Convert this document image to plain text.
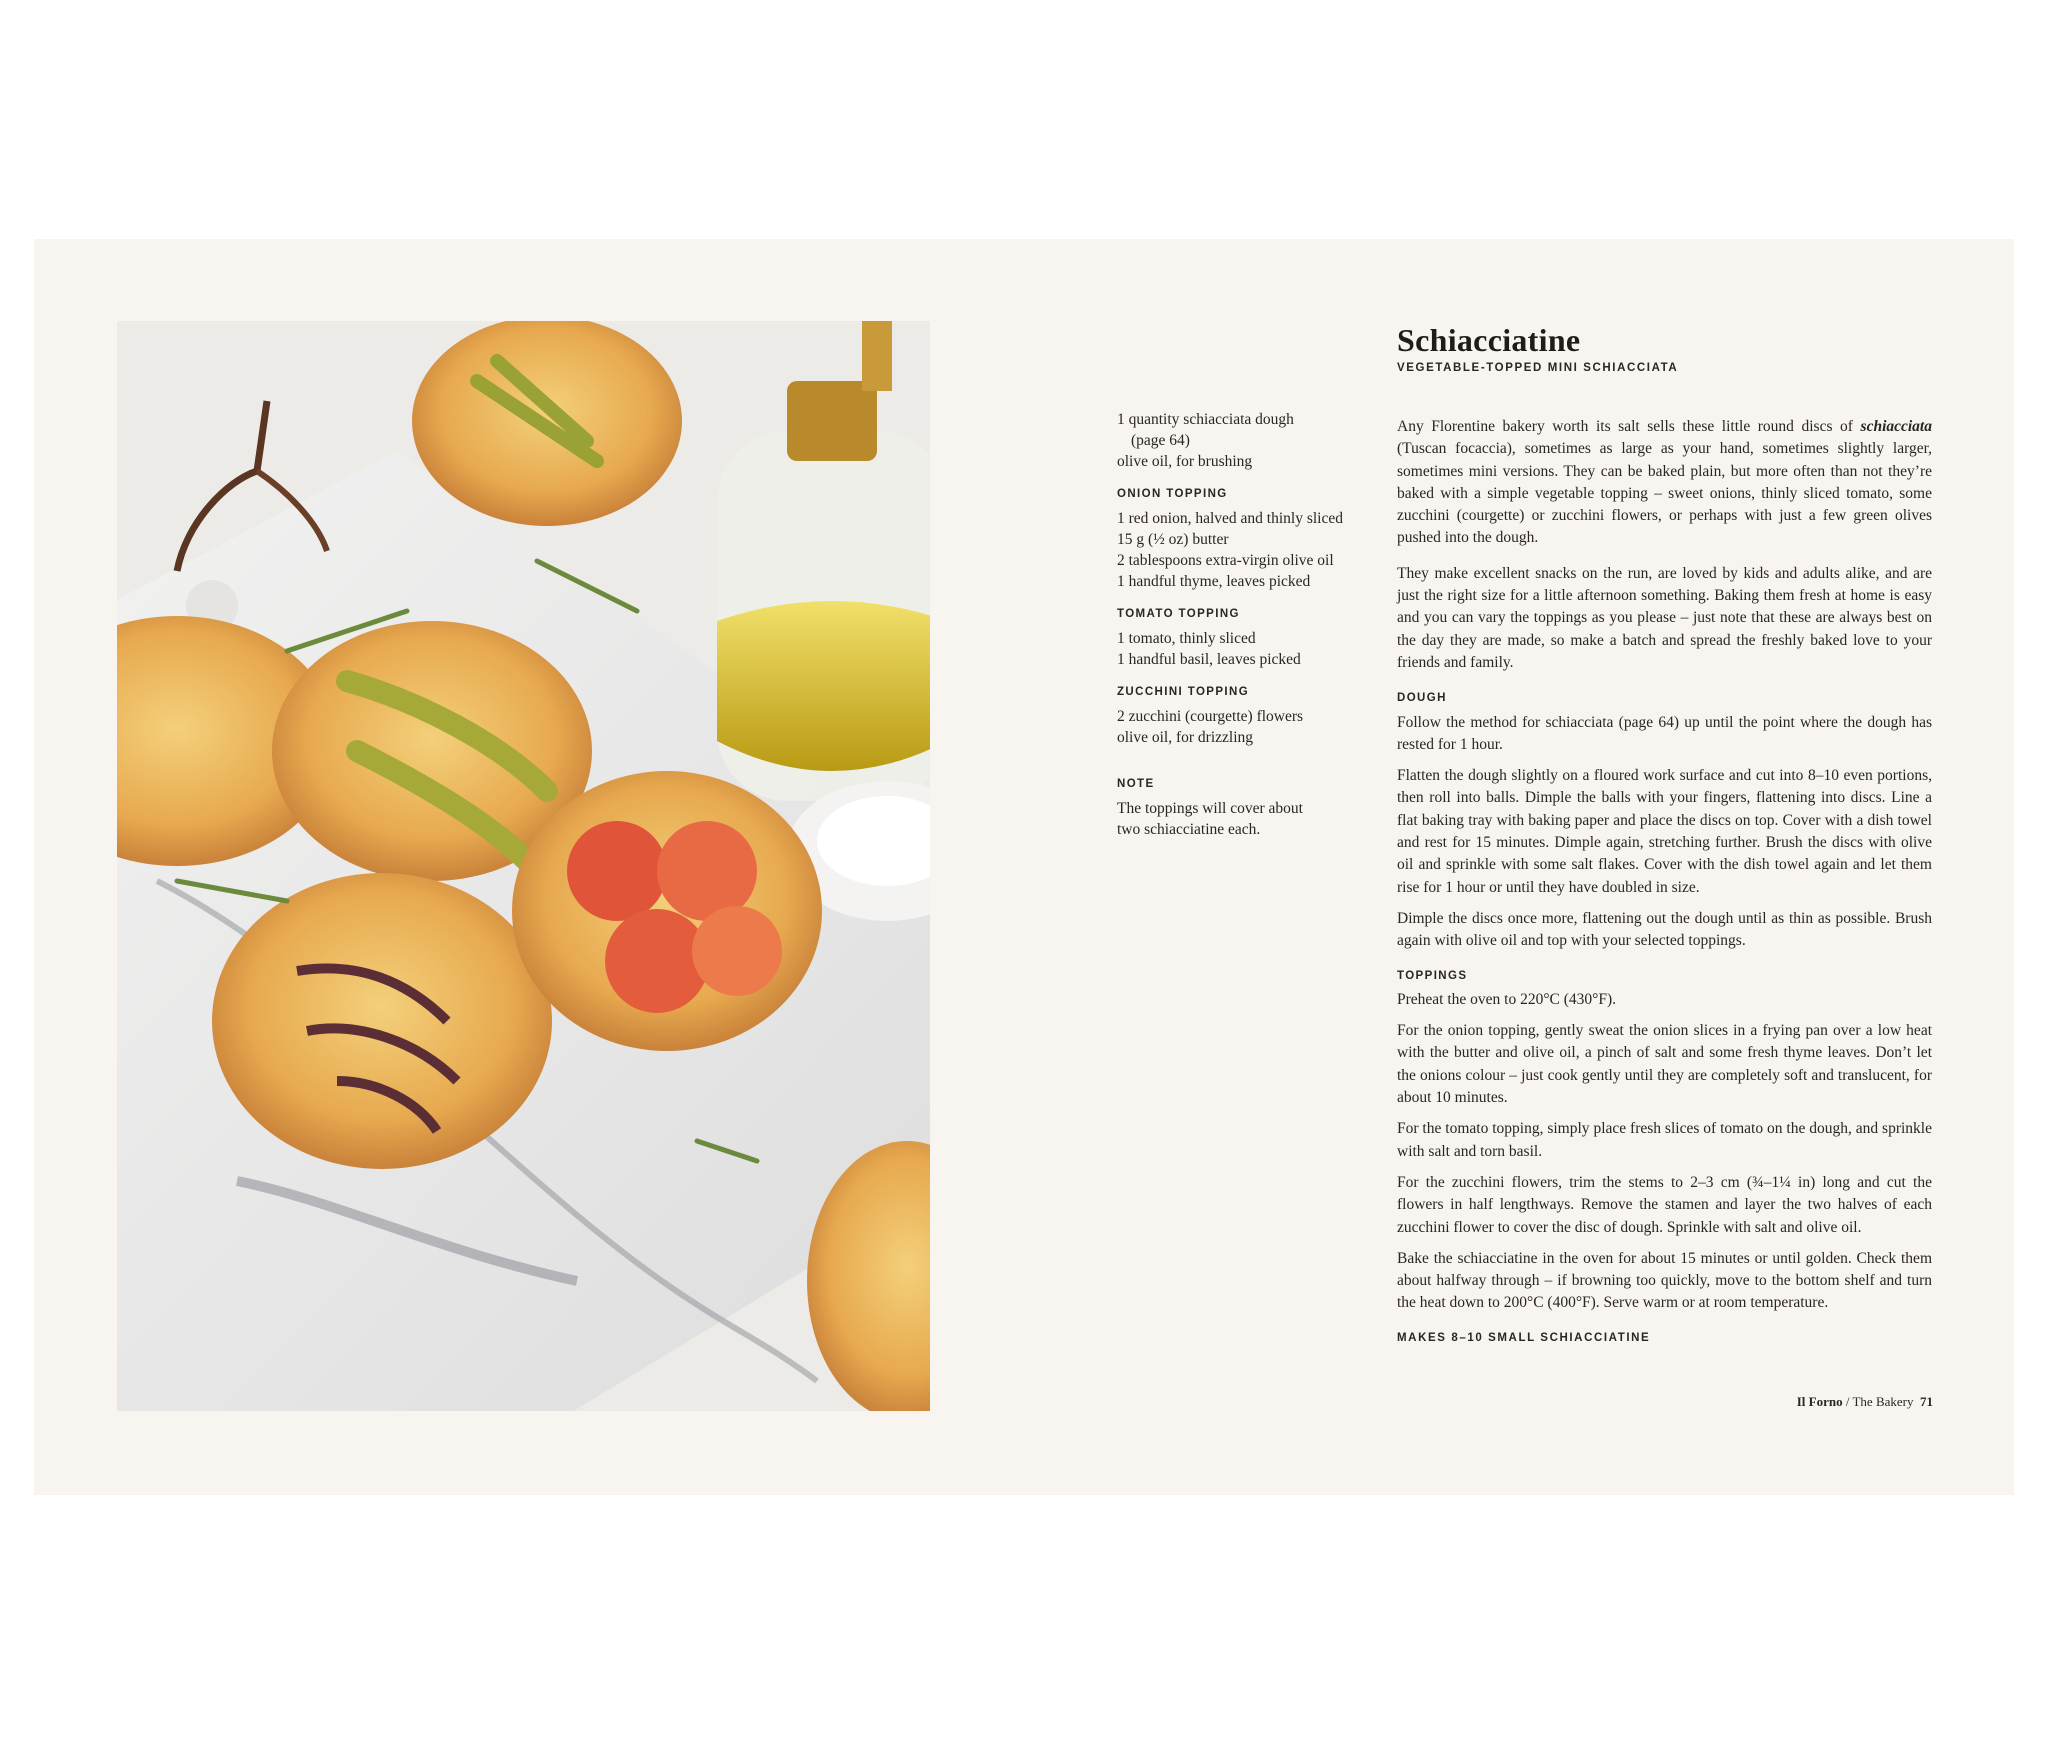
1 quantity schiacciata dough
(page 64)
olive oil, for brushing
ONION TOPPING
1 red onion, halved and thinly sliced
15 g (½ oz) butter
2 tablespoons extra-virgin olive oil
1 handful thyme, leaves picked
TOMATO TOPPING
1 tomato, thinly sliced
1 handful basil, leaves picked
ZUCCHINI TOPPING
2 zucchini (courgette) flowers
olive oil, for drizzling
NOTE
The toppings will cover about
two schiacciatine each.
Schiacciatine
VEGETABLE-TOPPED MINI SCHIACCIATA

Any Florentine bakery worth its salt sells these little round discs of schiacciata (Tuscan focaccia), sometimes as large as your hand, sometimes slightly larger, sometimes mini versions. They can be baked plain, but more often than not they’re baked with a simple vegetable topping – sweet onions, thinly sliced tomato, some zucchini (courgette) or zucchini flowers, or perhaps with just a few green olives pushed into the dough.

They make excellent snacks on the run, are loved by kids and adults alike, and are just the right size for a little afternoon something. Baking them fresh at home is easy and you can vary the toppings as you please – just note that these are always best on the day they are made, so make a batch and spread the freshly baked love to your friends and family.

DOUGH

Follow the method for schiacciata (page 64) up until the point where the dough has rested for 1 hour.

Flatten the dough slightly on a floured work surface and cut into 8–10 even portions, then roll into balls. Dimple the balls with your fingers, flattening into discs. Line a flat baking tray with baking paper and place the discs on top. Cover with a dish towel and rest for 15 minutes. Dimple again, stretching further. Brush the discs with olive oil and sprinkle with some salt flakes. Cover with the dish towel again and let them rise for 1 hour or until they have doubled in size.

Dimple the discs once more, flattening out the dough until as thin as possible. Brush again with olive oil and top with your selected toppings.

TOPPINGS

Preheat the oven to 220°C (430°F).

For the onion topping, gently sweat the onion slices in a frying pan over a low heat with the butter and olive oil, a pinch of salt and some fresh thyme leaves. Don’t let the onions colour – just cook gently until they are completely soft and translucent, for about 10 minutes.

For the tomato topping, simply place fresh slices of tomato on the dough, and sprinkle with salt and torn basil.

For the zucchini flowers, trim the stems to 2–3 cm (¾–1¼ in) long and cut the flowers in half lengthways. Remove the stamen and layer the two halves of each zucchini flower to cover the disc of dough. Sprinkle with salt and olive oil.

Bake the schiacciatine in the oven for about 15 minutes or until golden. Check them about halfway through – if browning too quickly, move to the bottom shelf and turn the heat down to 200°C (400°F). Serve warm or at room temperature.

MAKES 8–10 SMALL SCHIACCIATINE
Il Forno / The Bakery 71
